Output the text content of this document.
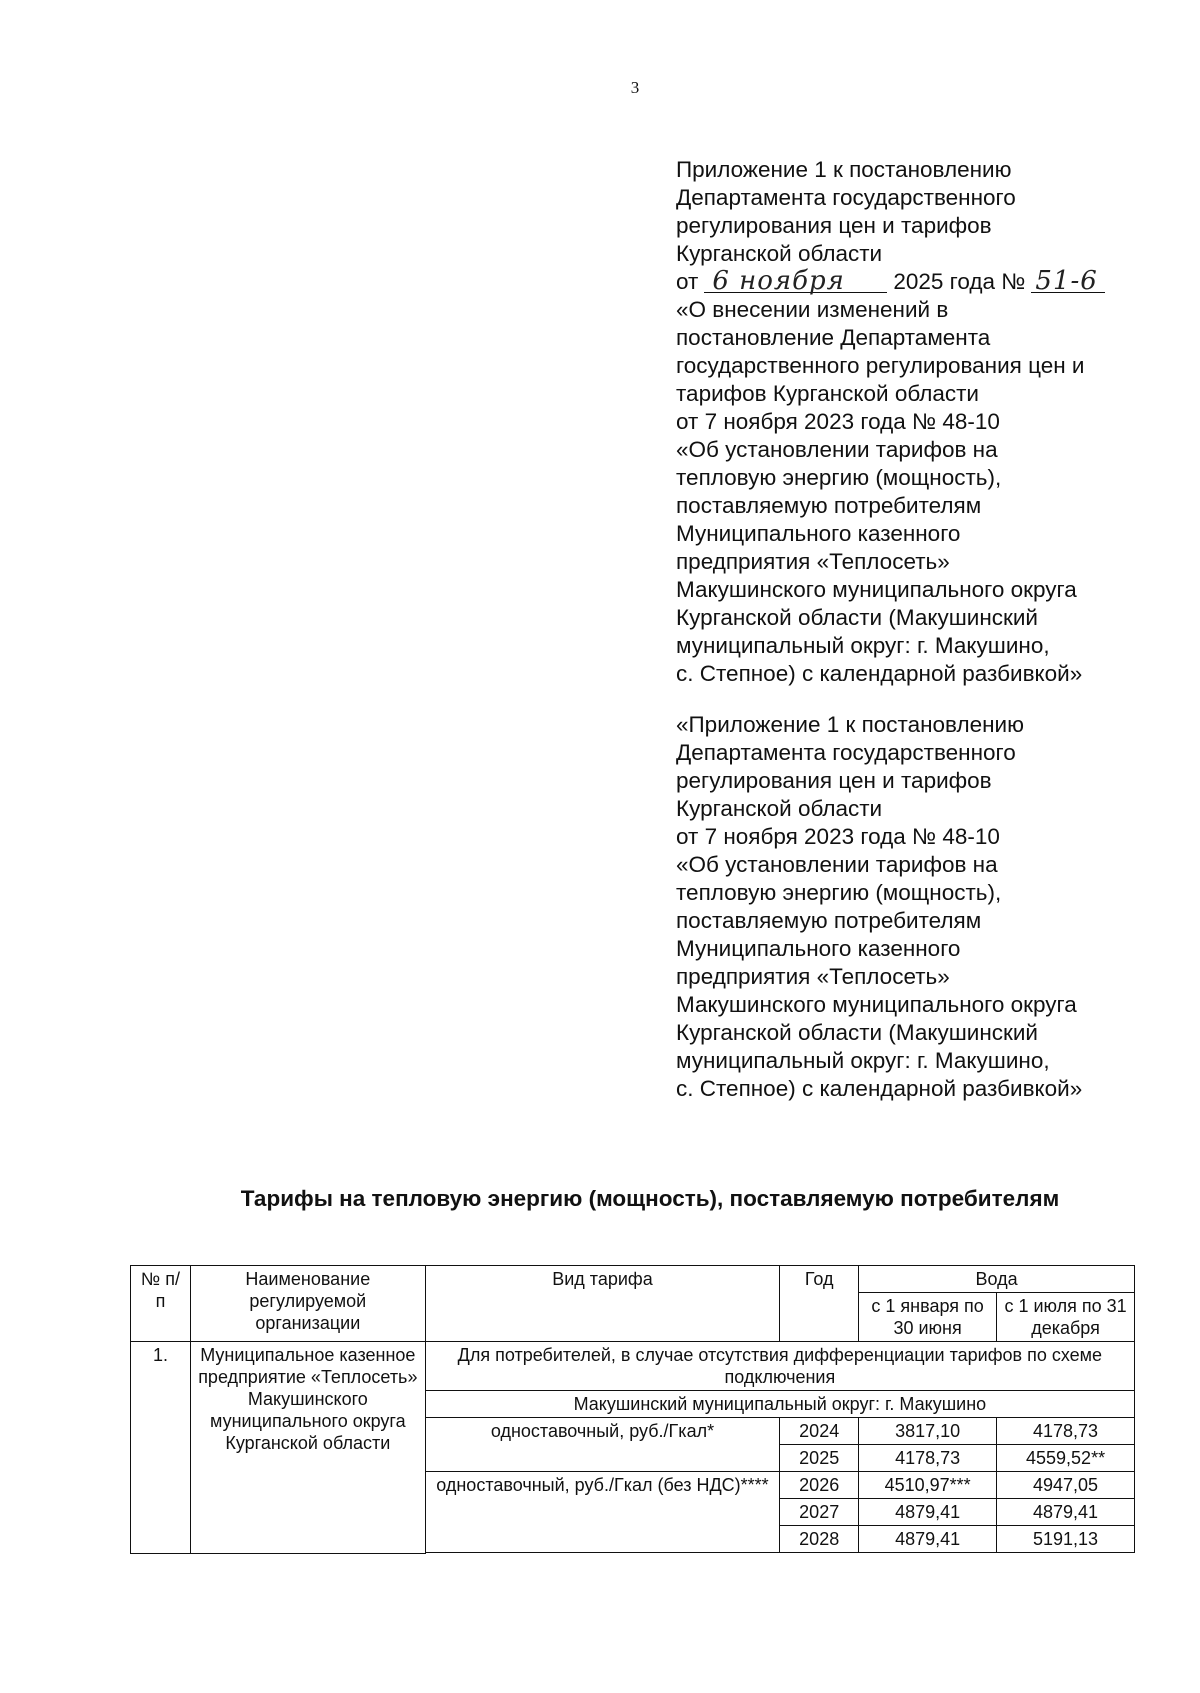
3
Приложение 1 к постановлению
Департамента государственного
регулирования цен и тарифов
Курганской области
от 6 ноября 2025 года № 51-6
«О внесении изменений в
постановление Департамента
государственного регулирования цен и
тарифов Курганской области
от 7 ноября 2023 года № 48-10
«Об установлении тарифов на
тепловую энергию (мощность),
поставляемую потребителям
Муниципального казенного
предприятия «Теплосеть»
Макушинского муниципального округа
Курганской области (Макушинский
муниципальный округ: г. Макушино,
с. Степное) с календарной разбивкой»
«Приложение 1 к постановлению
Департамента государственного
регулирования цен и тарифов
Курганской области
от 7 ноября 2023 года № 48-10
«Об установлении тарифов на
тепловую энергию (мощность),
поставляемую потребителям
Муниципального казенного
предприятия «Теплосеть»
Макушинского муниципального округа
Курганской области (Макушинский
муниципальный округ: г. Макушино,
с. Степное) с календарной разбивкой»
Тарифы на тепловую энергию (мощность), поставляемую потребителям
№ п/п	Наименование регулируемой организации	Вид тарифа	Год	Вода	
				с 1 января по 30 июня	с 1 июля по 31 декабря
1.	Муниципальное казенное предприятие «Теплосеть» Макушинского муниципального округа Курганской области	Для потребителей, в случае отсутствия дифференциации тарифов по схеме подключения			
		Макушинский муниципальный округ: г. Макушино			
		одноставочный, руб./Гкал*	2024	3817,10	4178,73
			2025	4178,73	4559,52**
		одноставочный, руб./Гкал (без НДС)****	2026	4510,97***	4947,05
			2027	4879,41	4879,41
			2028	4879,41	5191,13
